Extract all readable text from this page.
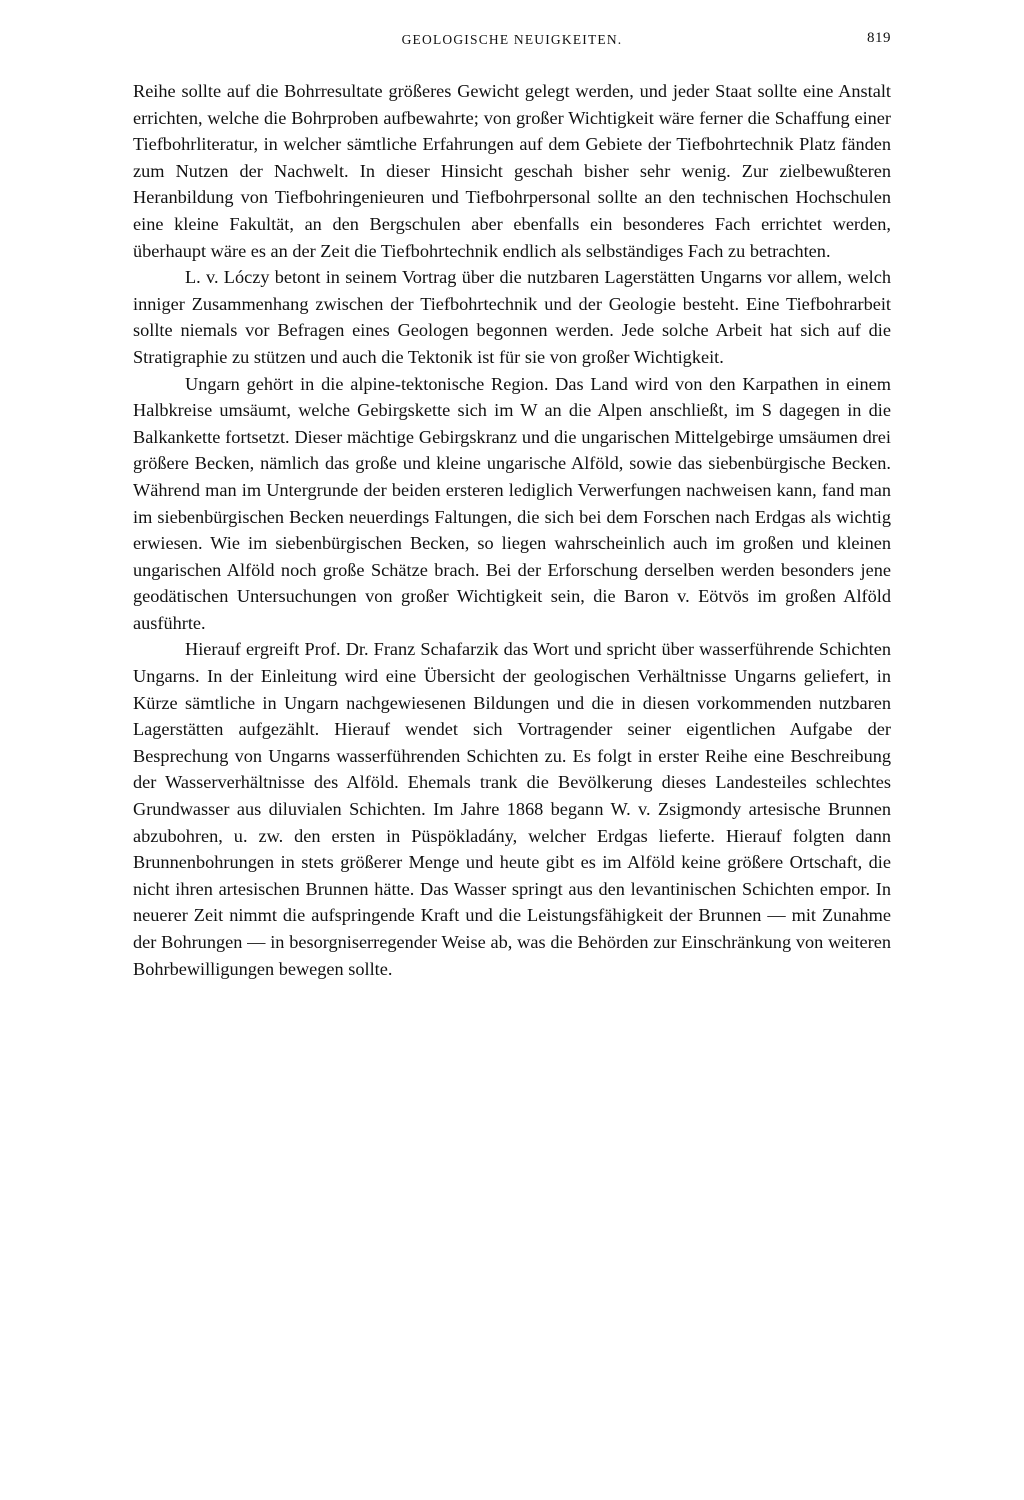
GEOLOGISCHE NEUIGKEITEN.	819

Reihe sollte auf die Bohrresultate größeres Gewicht gelegt werden, und jeder Staat sollte eine Anstalt errichten, welche die Bohrproben aufbewahrte; von großer Wichtigkeit wäre ferner die Schaffung einer Tiefbohrliteratur, in welcher sämtliche Erfahrungen auf dem Gebiete der Tiefbohrtechnik Platz fänden zum Nutzen der Nachwelt. In dieser Hinsicht geschah bisher sehr wenig. Zur zielbewußteren Heranbildung von Tiefbohringenieuren und Tiefbohrpersonal sollte an den technischen Hochschulen eine kleine Fakultät, an den Bergschulen aber ebenfalls ein besonderes Fach errichtet werden, überhaupt wäre es an der Zeit die Tiefbohrtechnik endlich als selbständiges Fach zu betrachten.

L. v. Lóczy betont in seinem Vortrag über die nutzbaren Lagerstätten Ungarns vor allem, welch inniger Zusammenhang zwischen der Tiefbohrtechnik und der Geologie besteht. Eine Tiefbohrarbeit sollte niemals vor Befragen eines Geologen begonnen werden. Jede solche Arbeit hat sich auf die Stratigraphie zu stützen und auch die Tektonik ist für sie von großer Wichtigkeit.

Ungarn gehört in die alpine-tektonische Region. Das Land wird von den Karpathen in einem Halbkreise umsäumt, welche Gebirgskette sich im W an die Alpen anschließt, im S dagegen in die Balkankette fortsetzt. Dieser mächtige Gebirgskranz und die ungarischen Mittelgebirge umsäumen drei größere Becken, nämlich das große und kleine ungarische Alföld, sowie das siebenbürgische Becken. Während man im Untergrunde der beiden ersteren lediglich Verwerfungen nachweisen kann, fand man im siebenbürgischen Becken neuerdings Faltungen, die sich bei dem Forschen nach Erdgas als wichtig erwiesen. Wie im siebenbürgischen Becken, so liegen wahrscheinlich auch im großen und kleinen ungarischen Alföld noch große Schätze brach. Bei der Erforschung derselben werden besonders jene geodätischen Untersuchungen von großer Wichtigkeit sein, die Baron v. Eötvös im großen Alföld ausführte.

Hierauf ergreift Prof. Dr. Franz Schafarzik das Wort und spricht über wasserführende Schichten Ungarns. In der Einleitung wird eine Übersicht der geologischen Verhältnisse Ungarns geliefert, in Kürze sämtliche in Ungarn nachgewiesenen Bildungen und die in diesen vorkommenden nutzbaren Lagerstätten aufgezählt. Hierauf wendet sich Vortragender seiner eigentlichen Aufgabe der Besprechung von Ungarns wasserführenden Schichten zu. Es folgt in erster Reihe eine Beschreibung der Wasserverhältnisse des Alföld. Ehemals trank die Bevölkerung dieses Landesteiles schlechtes Grundwasser aus diluvialen Schichten. Im Jahre 1868 begann W. v. Zsigmondy artesische Brunnen abzubohren, u. zw. den ersten in Püspökladány, welcher Erdgas lieferte. Hierauf folgten dann Brunnenbohrungen in stets größerer Menge und heute gibt es im Alföld keine größere Ortschaft, die nicht ihren artesischen Brunnen hätte. Das Wasser springt aus den levantinischen Schichten empor. In neuerer Zeit nimmt die aufspringende Kraft und die Leistungsfähigkeit der Brunnen — mit Zunahme der Bohrungen — in besorgniserregender Weise ab, was die Behörden zur Einschränkung von weiteren Bohrbewilligungen bewegen sollte.
